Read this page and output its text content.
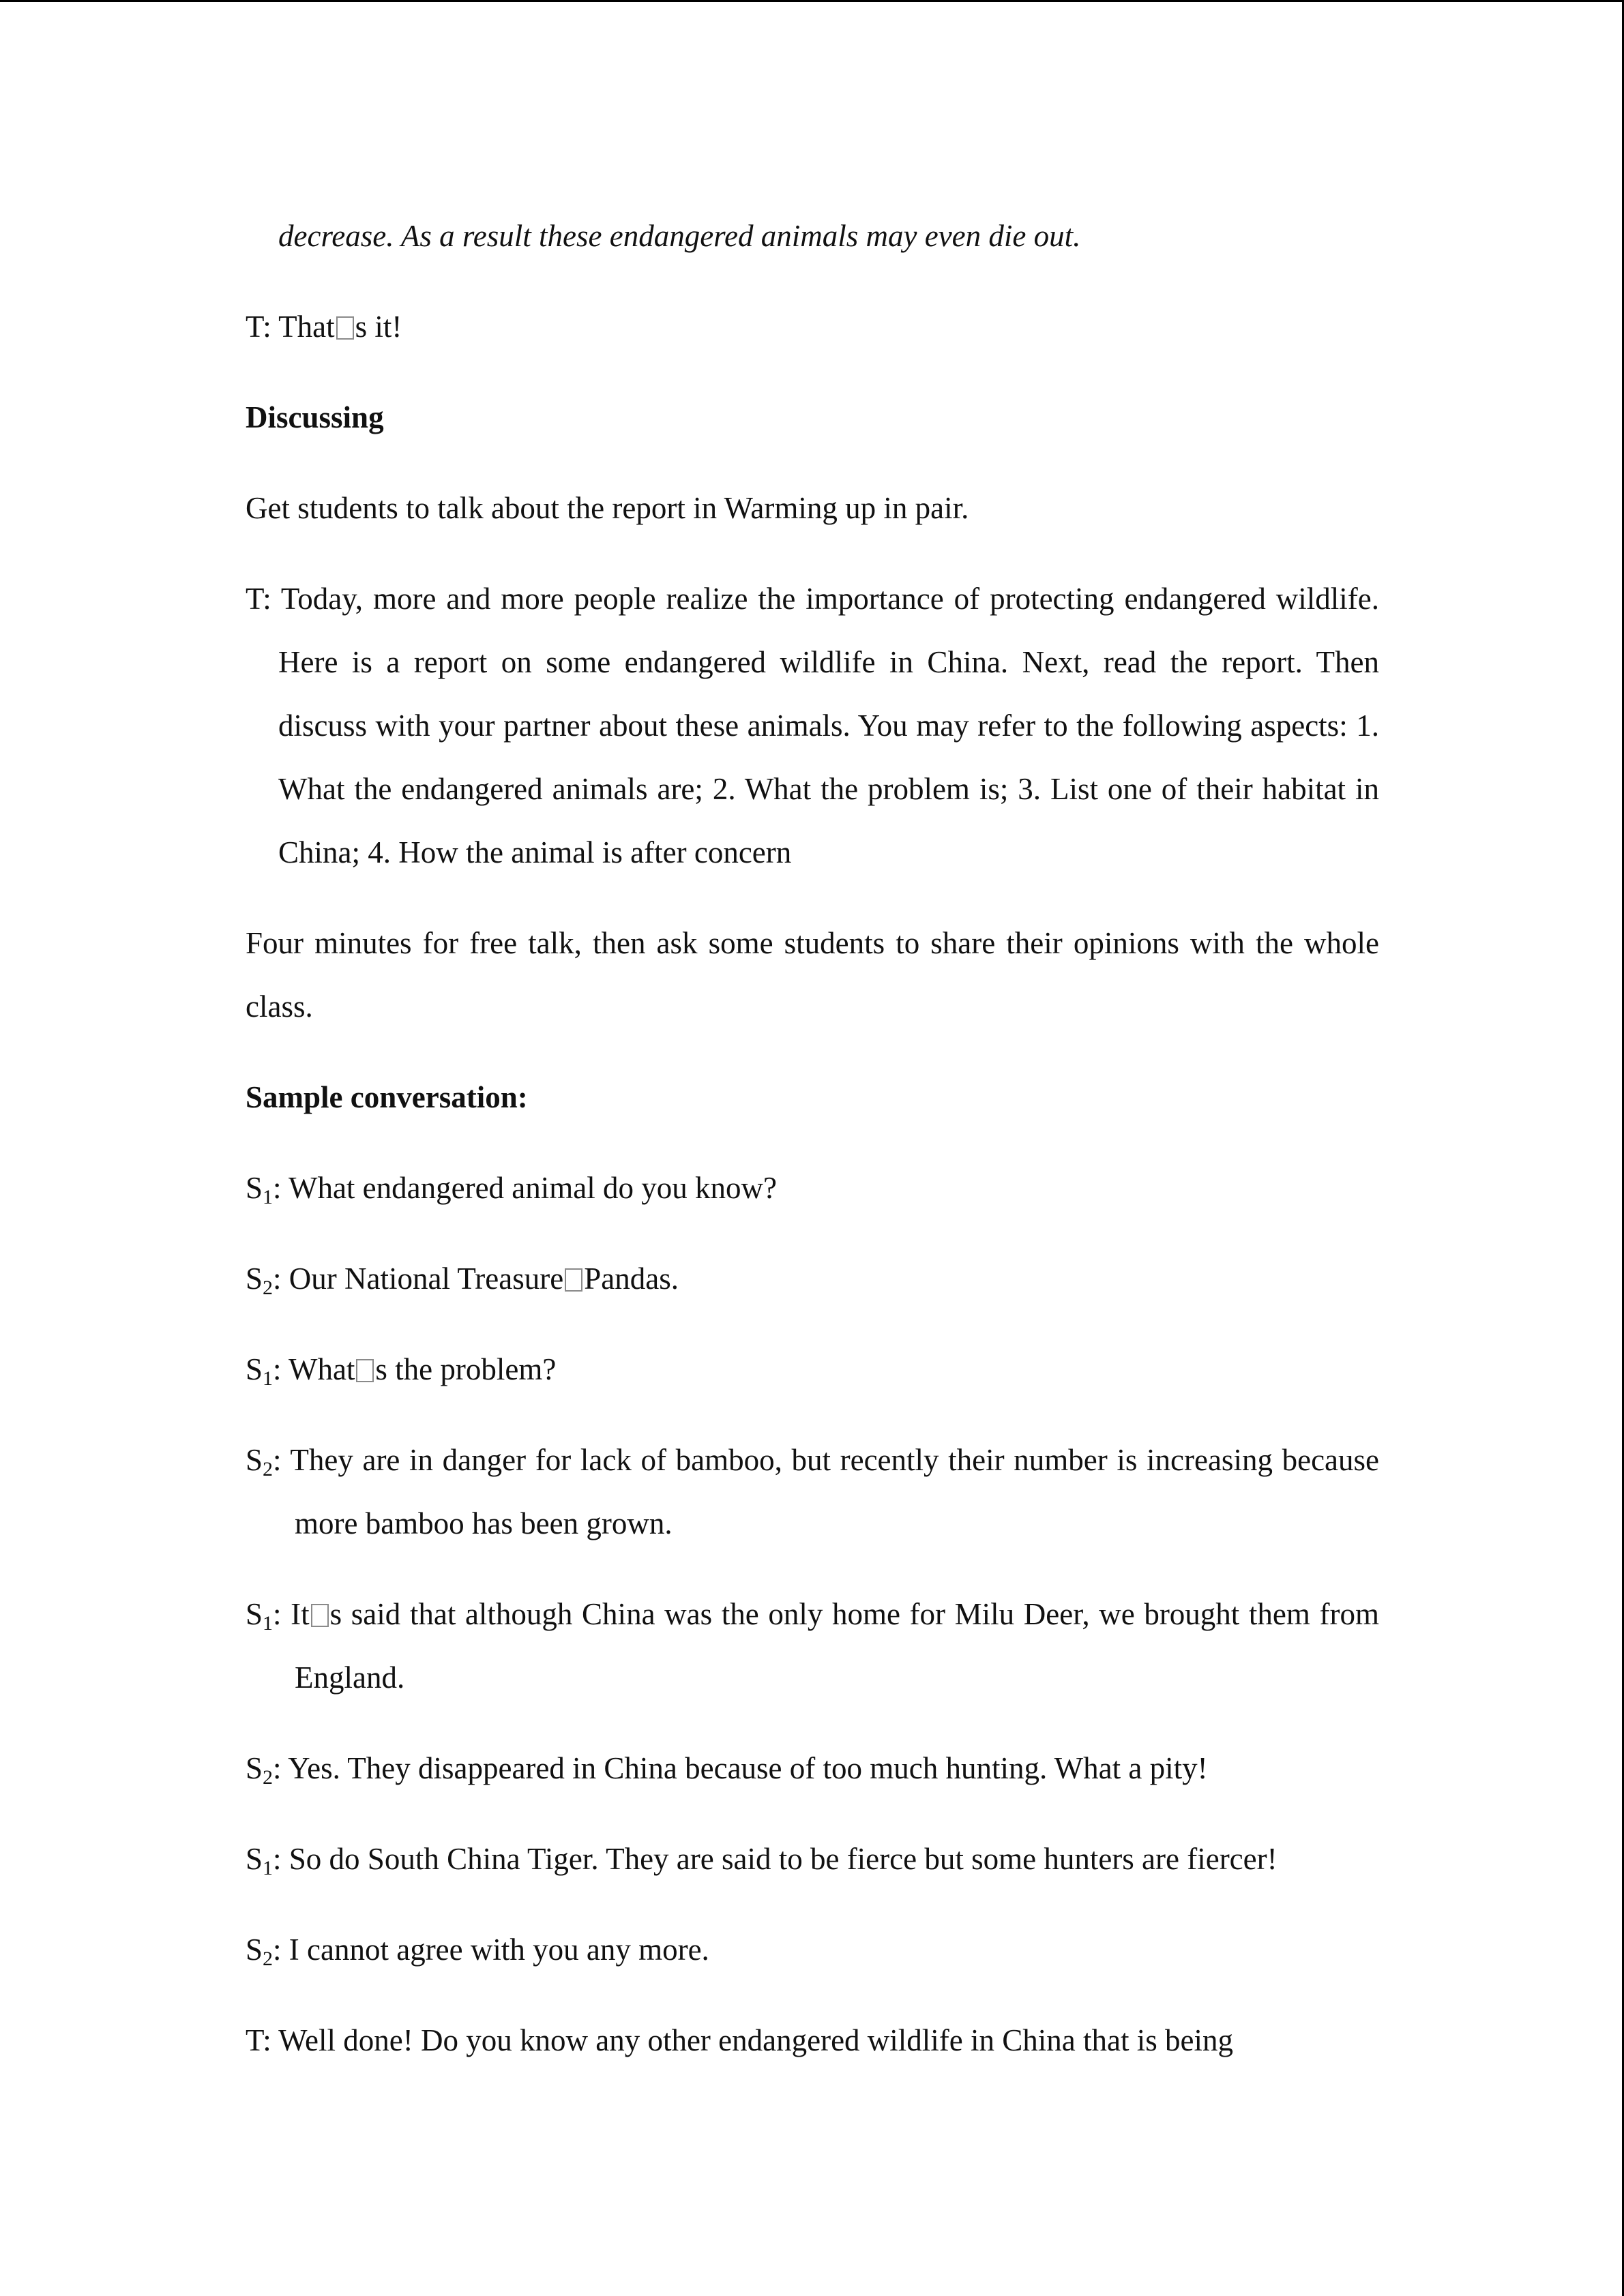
decrease. As a result these endangered animals may even die out.

T: That s it!

Discussing

Get students to talk about the report in Warming up in pair.

T: Today, more and more people realize the importance of protecting endangered wildlife. Here is a report on some endangered wildlife in China. Next, read the report. Then discuss with your partner about these animals. You may refer to the following aspects: 1. What the endangered animals are; 2. What the problem is; 3. List one of their habitat in China; 4. How the animal is after concern

Four minutes for free talk, then ask some students to share their opinions with the whole class.

Sample conversation:

$S_1$: What endangered animal do you know?

$S_2$: Our National Treasure Pandas.

$S_1$: What s the problem?

$S_2$: They are in danger for lack of bamboo, but recently their number is increasing because more bamboo has been grown.

$S_1$: It s said that although China was the only home for Milu Deer, we brought them from England.

$S_2$: Yes. They disappeared in China because of too much hunting. What a pity!

$S_1$: So do South China Tiger. They are said to be fierce but some hunters are fiercer!

$S_2$: I cannot agree with you any more.

T: Well done! Do you know any other endangered wildlife in China that is being
